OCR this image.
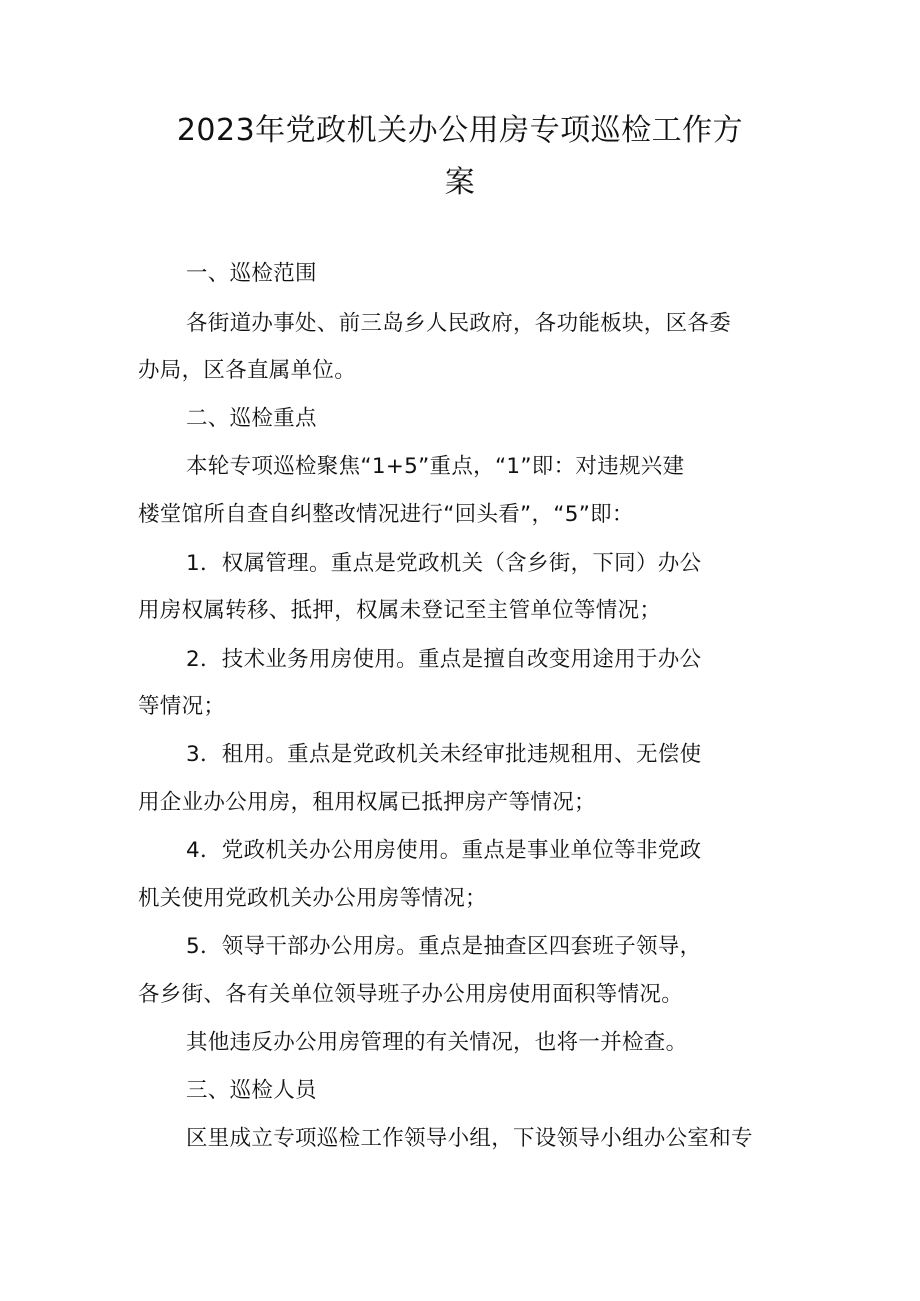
2023年党政机关办公用房专项巡检工作方
案
一、巡检范围
各街道办事处、前三岛乡人民政府，各功能板块，区各委
办局，区各直属单位。
二、巡检重点
本轮专项巡检聚焦“1+5”重点，“1”即：对违规兴建
楼堂馆所自查自纠整改情况进行“回头看”，“5”即：
1．权属管理。重点是党政机关（含乡街，下同）办公
用房权属转移、抵押，权属未登记至主管单位等情况；
2．技术业务用房使用。重点是擅自改变用途用于办公
等情况；
3．租用。重点是党政机关未经审批违规租用、无偿使
用企业办公用房，租用权属已抵押房产等情况；
4．党政机关办公用房使用。重点是事业单位等非党政
机关使用党政机关办公用房等情况；
5．领导干部办公用房。重点是抽查区四套班子领导，
各乡街、各有关单位领导班子办公用房使用面积等情况。
其他违反办公用房管理的有关情况，也将一并检查。
三、巡检人员
区里成立专项巡检工作领导小组，下设领导小组办公室和专
